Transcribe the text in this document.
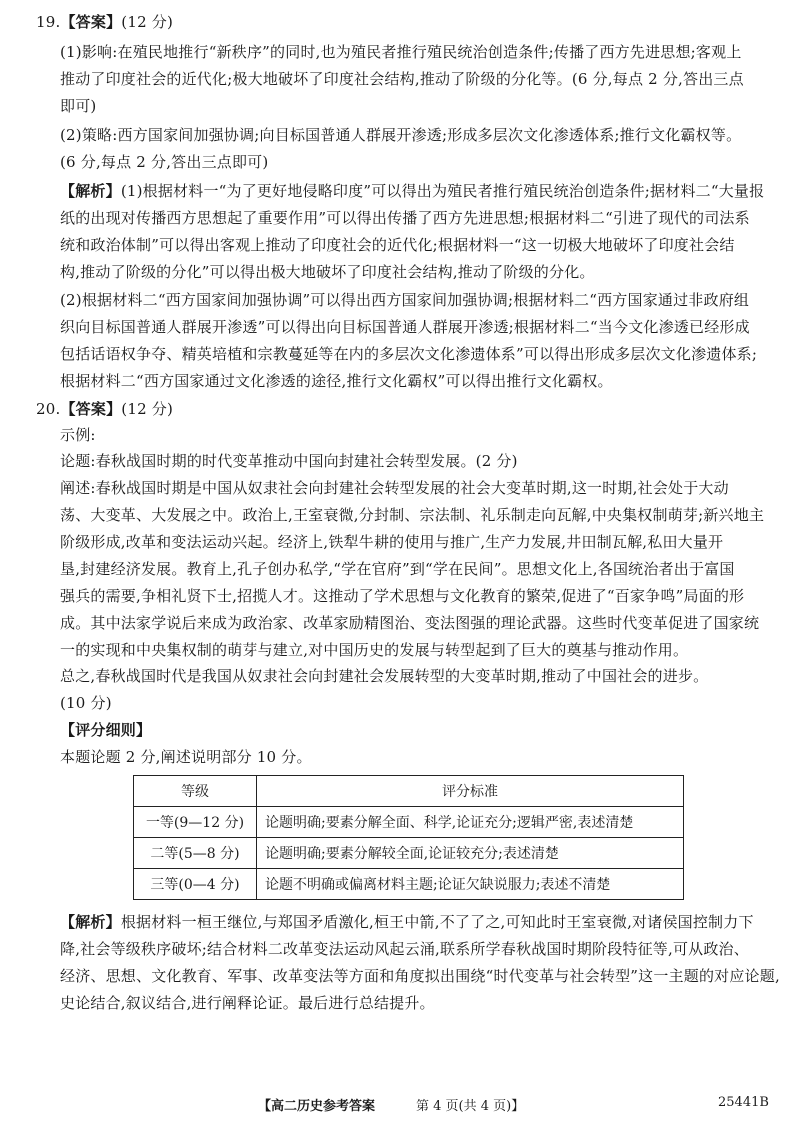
19.【答案】(12 分)
(1)影响:在殖民地推行“新秩序”的同时,也为殖民者推行殖民统治创造条件;传播了西方先进思想;客观上
推动了印度社会的近代化;极大地破坏了印度社会结构,推动了阶级的分化等。(6 分,每点 2 分,答出三点
即可)
(2)策略:西方国家间加强协调;向目标国普通人群展开渗透;形成多层次文化渗透体系;推行文化霸权等。
(6 分,每点 2 分,答出三点即可)
【解析】(1)根据材料一“为了更好地侵略印度”可以得出为殖民者推行殖民统治创造条件;据材料二“大量报
纸的出现对传播西方思想起了重要作用”可以得出传播了西方先进思想;根据材料二“引进了现代的司法系
统和政治体制”可以得出客观上推动了印度社会的近代化;根据材料一“这一切极大地破坏了印度社会结
构,推动了阶级的分化”可以得出极大地破坏了印度社会结构,推动了阶级的分化。
(2)根据材料二“西方国家间加强协调”可以得出西方国家间加强协调;根据材料二“西方国家通过非政府组
织向目标国普通人群展开渗透”可以得出向目标国普通人群展开渗透;根据材料二“当今文化渗透已经形成
包括话语权争夺、精英培植和宗教蔓延等在内的多层次文化渗遗体系”可以得出形成多层次文化渗遗体系;
根据材料二“西方国家通过文化渗透的途径,推行文化霸权”可以得出推行文化霸权。
20.【答案】(12 分)
示例:
论题:春秋战国时期的时代变革推动中国向封建社会转型发展。(2 分)
阐述:春秋战国时期是中国从奴隶社会向封建社会转型发展的社会大变革时期,这一时期,社会处于大动
荡、大变革、大发展之中。政治上,王室衰微,分封制、宗法制、礼乐制走向瓦解,中央集权制萌芽;新兴地主
阶级形成,改革和变法运动兴起。经济上,铁犁牛耕的使用与推广,生产力发展,井田制瓦解,私田大量开
垦,封建经济发展。教育上,孔子创办私学,“学在官府”到“学在民间”。思想文化上,各国统治者出于富国
强兵的需要,争相礼贤下士,招揽人才。这推动了学术思想与文化教育的繁荣,促进了“百家争鸣”局面的形
成。其中法家学说后来成为政治家、改革家励精图治、变法图强的理论武器。这些时代变革促进了国家统
一的实现和中央集权制的萌芽与建立,对中国历史的发展与转型起到了巨大的奠基与推动作用。
总之,春秋战国时代是我国从奴隶社会向封建社会发展转型的大变革时期,推动了中国社会的进步。
(10 分)
【评分细则】
本题论题 2 分,阐述说明部分 10 分。
等级	评分标准
一等(9—12 分)	论题明确;要素分解全面、科学,论证充分;逻辑严密,表述清楚
二等(5—8 分)	论题明确;要素分解较全面,论证较充分;表述清楚
三等(0—4 分)	论题不明确或偏离材料主题;论证欠缺说服力;表述不清楚
【解析】根据材料一桓王继位,与郑国矛盾激化,桓王中箭,不了了之,可知此时王室衰微,对诸侯国控制力下
降,社会等级秩序破坏;结合材料二改革变法运动风起云涌,联系所学春秋战国时期阶段特征等,可从政治、
经济、思想、文化教育、军事、改革变法等方面和角度拟出围绕“时代变革与社会转型”这一主题的对应论题,
史论结合,叙议结合,进行阐释论证。最后进行总结提升。
【高二历史参考答案	第 4 页(共 4 页)】	25441B
